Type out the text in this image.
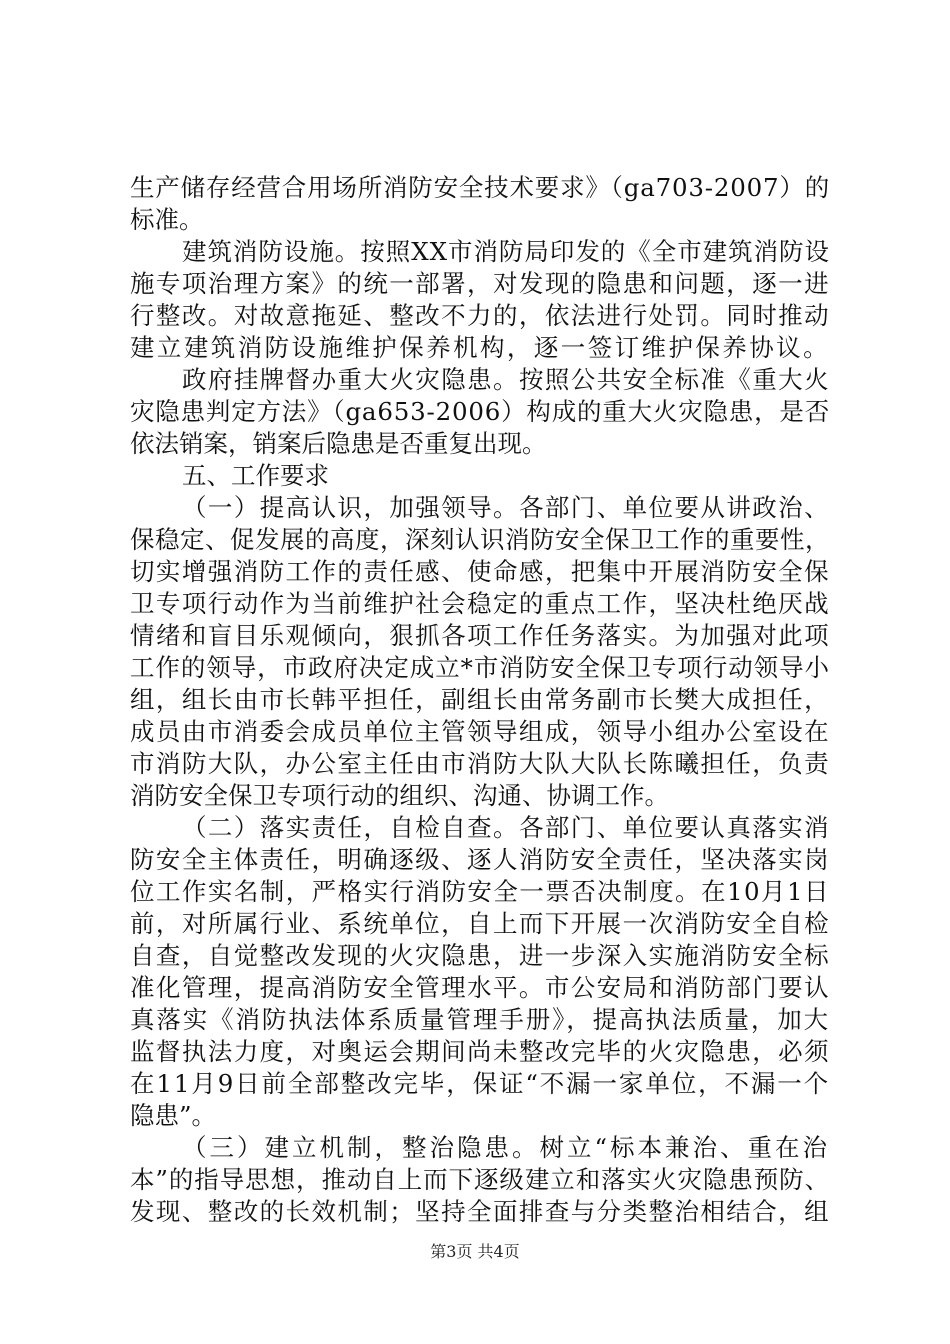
生产储存经营合用场所消防安全技术要求》（ga703-2007）的
标准。
建筑消防设施。按照XX市消防局印发的《全市建筑消防设
施专项治理方案》的统一部署，对发现的隐患和问题，逐一进
行整改。对故意拖延、整改不力的，依法进行处罚。同时推动
建立建筑消防设施维护保养机构，逐一签订维护保养协议。
政府挂牌督办重大火灾隐患。按照公共安全标准《重大火
灾隐患判定方法》（ga653-2006）构成的重大火灾隐患，是否
依法销案，销案后隐患是否重复出现。
五、工作要求
（一）提高认识，加强领导。各部门、单位要从讲政治、
保稳定、促发展的高度，深刻认识消防安全保卫工作的重要性，
切实增强消防工作的责任感、使命感，把集中开展消防安全保
卫专项行动作为当前维护社会稳定的重点工作，坚决杜绝厌战
情绪和盲目乐观倾向，狠抓各项工作任务落实。为加强对此项
工作的领导，市政府决定成立*市消防安全保卫专项行动领导小
组，组长由市长韩平担任，副组长由常务副市长樊大成担任，
成员由市消委会成员单位主管领导组成，领导小组办公室设在
市消防大队，办公室主任由市消防大队大队长陈曦担任，负责
消防安全保卫专项行动的组织、沟通、协调工作。
（二）落实责任，自检自查。各部门、单位要认真落实消
防安全主体责任，明确逐级、逐人消防安全责任，坚决落实岗
位工作实名制，严格实行消防安全一票否决制度。在10月1日
前，对所属行业、系统单位，自上而下开展一次消防安全自检
自查，自觉整改发现的火灾隐患，进一步深入实施消防安全标
准化管理，提高消防安全管理水平。市公安局和消防部门要认
真落实《消防执法体系质量管理手册》，提高执法质量，加大
监督执法力度，对奥运会期间尚未整改完毕的火灾隐患，必须
在11月9日前全部整改完毕，保证“不漏一家单位，不漏一个
隐患”。
（三）建立机制，整治隐患。树立“标本兼治、重在治
本”的指导思想，推动自上而下逐级建立和落实火灾隐患预防、
发现、整改的长效机制；坚持全面排查与分类整治相结合，组
第3页 共4页
